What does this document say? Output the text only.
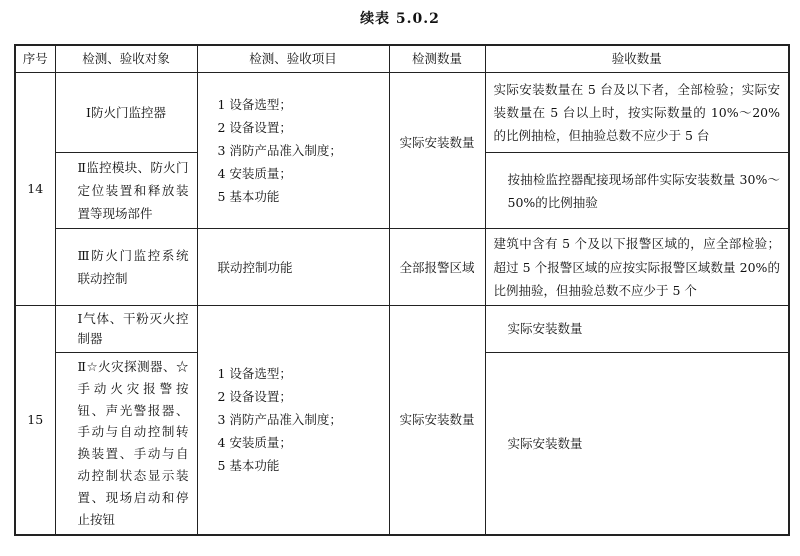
续表 5.0.2
序号	检测、验收对象	检测、验收项目	检测数量	验收数量
14	Ⅰ防火门监控器	1 设备选型；
2 设备设置；
3 消防产品准入制度；
4 安装质量；
5 基本功能	实际安装数量	实际安装数量在 5 台及以下者，全部检验；实际安装数量在 5 台以上时，按实际数量的 10%～20%的比例抽检，但抽验总数不应少于 5 台
	Ⅱ监控模块、防火门定位装置和释放装置等现场部件			按抽检监控器配接现场部件实际安装数量 30%～50%的比例抽验
	Ⅲ防火门监控系统联动控制	联动控制功能	全部报警区域	建筑中含有 5 个及以下报警区域的，应全部检验；超过 5 个报警区域的应按实际报警区域数量 20%的比例抽验，但抽验总数不应少于 5 个
15	Ⅰ气体、干粉灭火控制器	1 设备选型；
2 设备设置；
3 消防产品准入制度；
4 安装质量；
5 基本功能	实际安装数量	实际安装数量
	Ⅱ☆火灾探测器、☆手动火灾报警按钮、声光警报器、手动与自动控制转换装置、手动与自动控制状态显示装置、现场启动和停止按钮			实际安装数量
